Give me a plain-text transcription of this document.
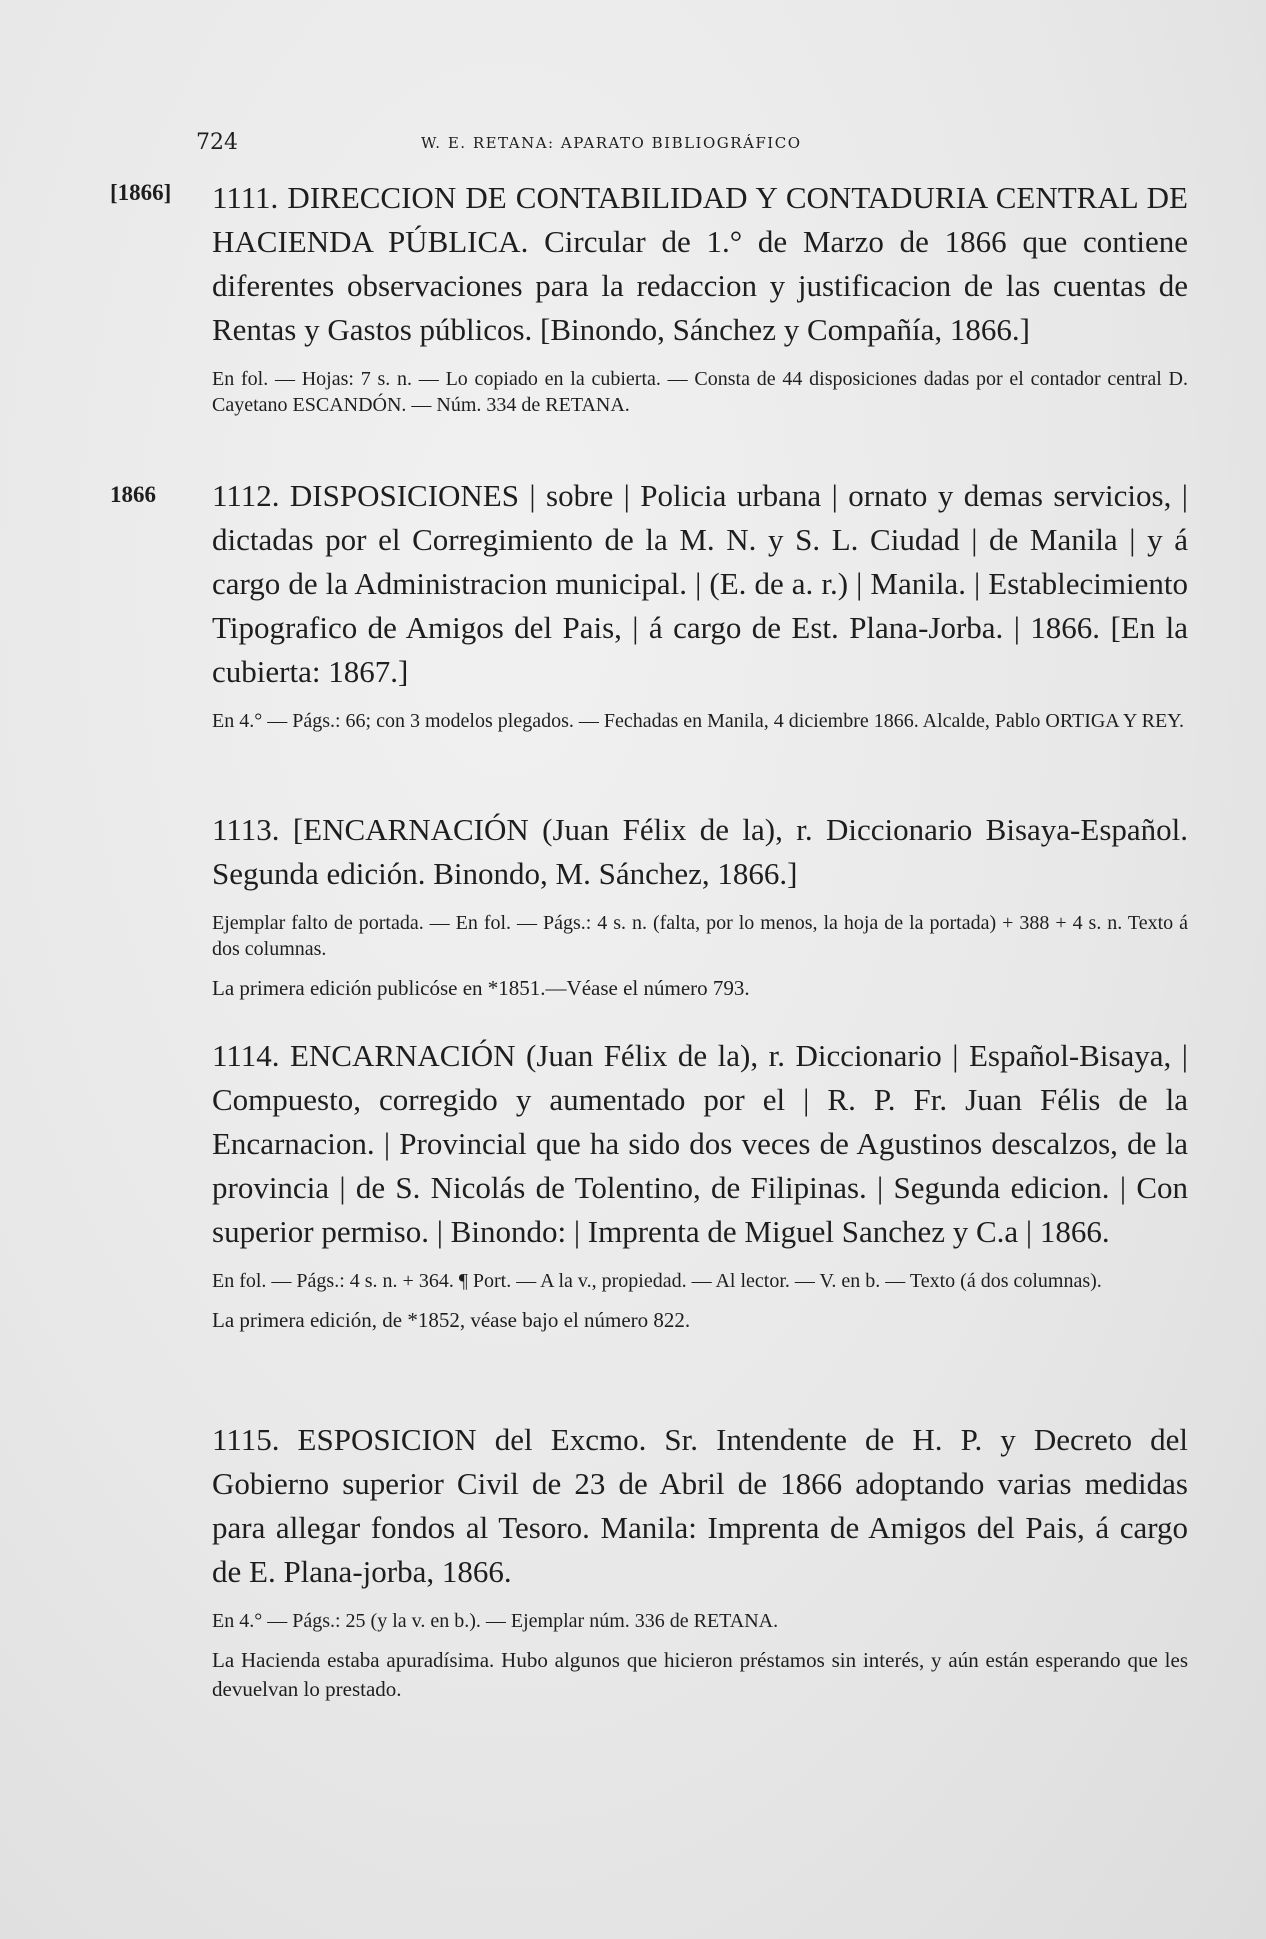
724	W. E. RETANA: APARATO BIBLIOGRÁFICO
[1866]	1111. DIRECCION DE CONTABILIDAD Y CONTADURIA CENTRAL DE HACIENDA PÚBLICA. Circular de 1.° de Marzo de 1866 que contiene diferentes observaciones para la redaccion y justificacion de las cuentas de Rentas y Gastos públicos. [Binondo, Sánchez y Compañía, 1866.]

En fol. — Hojas: 7 s. n. — Lo copiado en la cubierta. — Consta de 44 disposiciones dadas por el contador central D. Cayetano ESCANDÓN. — Núm. 334 de RETANA.

1866	1112. DISPOSICIONES | sobre | Policia urbana | ornato y demas servicios, | dictadas por el Corregimiento de la M. N. y S. L. Ciudad | de Manila | y á cargo de la Administracion municipal. | (E. de a. r.) | Manila. | Establecimiento Tipografico de Amigos del Pais, | á cargo de Est. Plana-Jorba. | 1866. [En la cubierta: 1867.]

En 4.° — Págs.: 66; con 3 modelos plegados. — Fechadas en Manila, 4 diciembre 1866. Alcalde, Pablo ORTIGA Y REY.

1113. [ENCARNACIÓN (Juan Félix de la), r. Diccionario Bisaya-Español. Segunda edición. Binondo, M. Sánchez, 1866.]

Ejemplar falto de portada. — En fol. — Págs.: 4 s. n. (falta, por lo menos, la hoja de la portada) + 388 + 4 s. n. Texto á dos columnas.

La primera edición publicóse en *1851.—Véase el número 793.

1114. ENCARNACIÓN (Juan Félix de la), r. Diccionario | Español-Bisaya, | Compuesto, corregido y aumentado por el | R. P. Fr. Juan Félis de la Encarnacion. | Provincial que ha sido dos veces de Agustinos descalzos, de la provincia | de S. Nicolás de Tolentino, de Filipinas. | Segunda edicion. | Con superior permiso. | Binondo: | Imprenta de Miguel Sanchez y C.a | 1866.

En fol. — Págs.: 4 s. n. + 364. ¶ Port. — A la v., propiedad. — Al lector. — V. en b. — Texto (á dos columnas).

La primera edición, de *1852, véase bajo el número 822.

1115. ESPOSICION del Excmo. Sr. Intendente de H. P. y Decreto del Gobierno superior Civil de 23 de Abril de 1866 adoptando varias medidas para allegar fondos al Tesoro. Manila: Imprenta de Amigos del Pais, á cargo de E. Plana-jorba, 1866.

En 4.° — Págs.: 25 (y la v. en b.). — Ejemplar núm. 336 de RETANA.

La Hacienda estaba apuradísima. Hubo algunos que hicieron préstamos sin interés, y aún están esperando que les devuelvan lo prestado.
